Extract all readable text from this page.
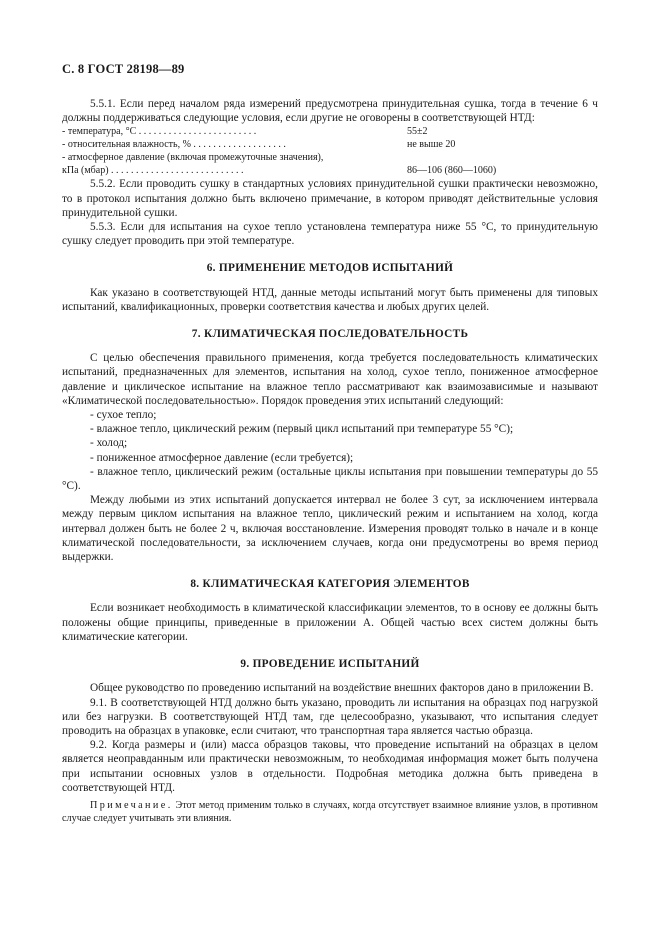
С. 8 ГОСТ 28198—89

5.5.1. Если перед началом ряда измерений предусмотрена принудительная сушка, тогда в течение 6 ч должны поддерживаться следующие условия, если другие не оговорены в соответствующей НТД:

- температура, °С . . . . . . . . . . . . . . . . . . . . . . . .	55±2
- относительная влажность, % . . . . . . . . . . . . . . . . . . .	не выше 20
- атмосферное давление (включая промежуточные значения),
кПа (мбар) . . . . . . . . . . . . . . . . . . . . . . . . . . .	86—106 (860—1060)

5.5.2. Если проводить сушку в стандартных условиях принудительной сушки практически невозможно, то в протокол испытания должно быть включено примечание, в котором приводят действительные условия принудительной сушки.

5.5.3. Если для испытания на сухое тепло установлена температура ниже 55 °С, то принудительную сушку следует проводить при этой температуре.

6. ПРИМЕНЕНИЕ МЕТОДОВ ИСПЫТАНИЙ

Как указано в соответствующей НТД, данные методы испытаний могут быть применены для типовых испытаний, квалификационных, проверки соответствия качества и любых других целей.

7. КЛИМАТИЧЕСКАЯ ПОСЛЕДОВАТЕЛЬНОСТЬ

С целью обеспечения правильного применения, когда требуется последовательность климатических испытаний, предназначенных для элементов, испытания на холод, сухое тепло, пониженное атмосферное давление и циклическое испытание на влажное тепло рассматривают как взаимозависимые и называют «Климатической последовательностью». Порядок проведения этих испытаний следующий:

- сухое тепло;

- влажное тепло, циклический режим (первый цикл испытаний при температуре 55 °С);

- холод;

- пониженное атмосферное давление (если требуется);

- влажное тепло, циклический режим (остальные циклы испытания при повышении температуры до 55 °С).

Между любыми из этих испытаний допускается интервал не более 3 сут, за исключением интервала между первым циклом испытания на влажное тепло, циклический режим и испытанием на холод, когда интервал должен быть не более 2 ч, включая восстановление. Измерения проводят только в начале и в конце климатической последовательности, за исключением случаев, когда они предусмотрены во время период выдержки.

8. КЛИМАТИЧЕСКАЯ КАТЕГОРИЯ ЭЛЕМЕНТОВ

Если возникает необходимость в климатической классификации элементов, то в основу ее должны быть положены общие принципы, приведенные в приложении А. Общей частью всех систем должны быть климатические категории.

9. ПРОВЕДЕНИЕ ИСПЫТАНИЙ

Общее руководство по проведению испытаний на воздействие внешних факторов дано в приложении В.

9.1. В соответствующей НТД должно быть указано, проводить ли испытания на образцах под нагрузкой или без нагрузки. В соответствующей НТД там, где целесообразно, указывают, что испытания следует проводить на образцах в упаковке, если считают, что транспортная тара является частью образца.

9.2. Когда размеры и (или) масса образцов таковы, что проведение испытаний на образцах в целом является неоправданным или практически невозможным, то необходимая информация может быть получена при испытании основных узлов в отдельности. Подробная методика должна быть приведена в соответствующей НТД.

Примечание. Этот метод применим только в случаях, когда отсутствует взаимное влияние узлов, в противном случае следует учитывать эти влияния.
